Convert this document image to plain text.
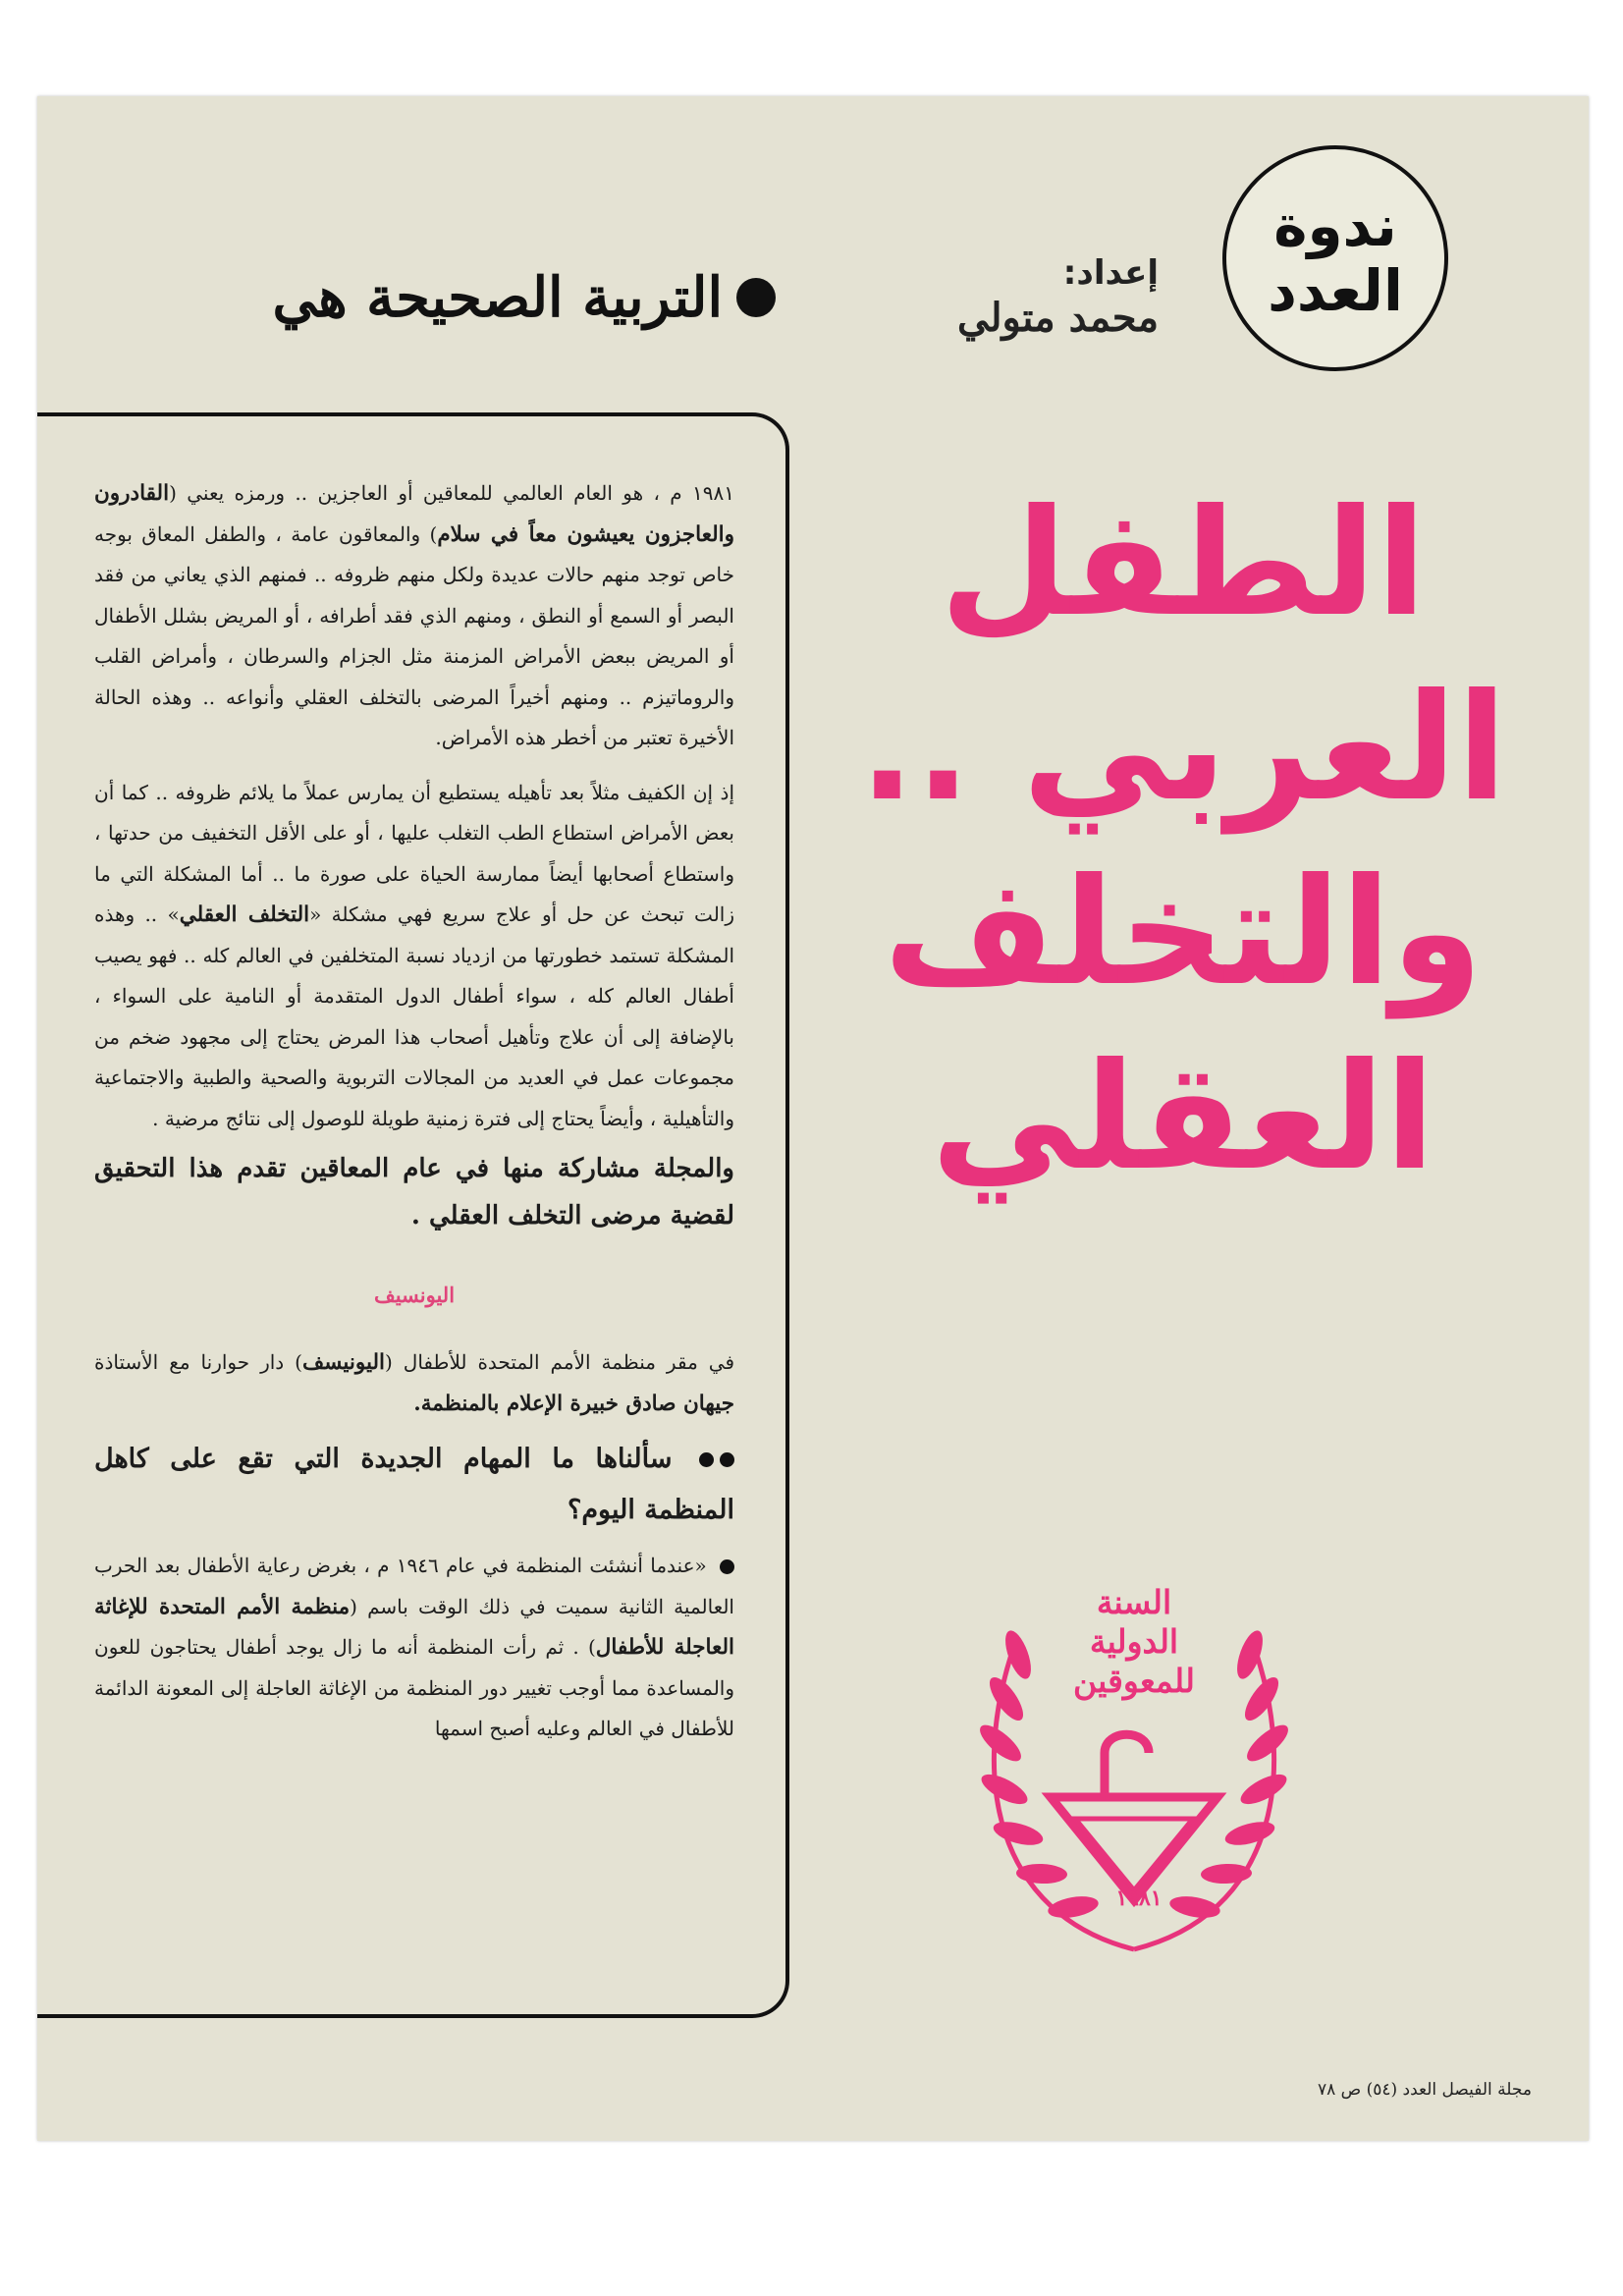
ندوة
العدد
إعداد:
محمد متولي
التربية الصحيحة هي

١٩٨١ م ، هو العام العالمي للمعاقين أو العاجزين .. ورمزه يعني (القادرون والعاجزون يعيشون معاً في سلام) والمعاقون عامة ، والطفل المعاق بوجه خاص توجد منهم حالات عديدة ولكل منهم ظروفه .. فمنهم الذي يعاني من فقد البصر أو السمع أو النطق ، ومنهم الذي فقد أطرافه ، أو المريض بشلل الأطفال أو المريض ببعض الأمراض المزمنة مثل الجزام والسرطان ، وأمراض القلب والروماتيزم .. ومنهم أخيراً المرضى بالتخلف العقلي وأنواعه .. وهذه الحالة الأخيرة تعتبر من أخطر هذه الأمراض.

إذ إن الكفيف مثلاً بعد تأهيله يستطيع أن يمارس عملاً ما يلائم ظروفه .. كما أن بعض الأمراض استطاع الطب التغلب عليها ، أو على الأقل التخفيف من حدتها ، واستطاع أصحابها أيضاً ممارسة الحياة على صورة ما .. أما المشكلة التي ما زالت تبحث عن حل أو علاج سريع فهي مشكلة «التخلف العقلي» .. وهذه المشكلة تستمد خطورتها من ازدياد نسبة المتخلفين في العالم كله .. فهو يصيب أطفال العالم كله ، سواء أطفال الدول المتقدمة أو النامية على السواء ، بالإضافة إلى أن علاج وتأهيل أصحاب هذا المرض يحتاج إلى مجهود ضخم من مجموعات عمل في العديد من المجالات التربوية والصحية والطبية والاجتماعية والتأهيلية ، وأيضاً يحتاج إلى فترة زمنية طويلة للوصول إلى نتائج مرضية .

والمجلة مشاركة منها في عام المعاقين تقدم هذا التحقيق لقضية مرضى التخلف العقلي .
اليونسيف

في مقر منظمة الأمم المتحدة للأطفال (اليونيسف) دار حوارنا مع الأستاذة جيهان صادق خبيرة الإعلام بالمنظمة.

سألناها ما المهام الجديدة التي تقع على كاهل المنظمة اليوم؟

«عندما أنشئت المنظمة في عام ١٩٤٦ م ، بغرض رعاية الأطفال بعد الحرب العالمية الثانية سميت في ذلك الوقت باسم (منظمة الأمم المتحدة للإغاثة العاجلة للأطفال) . ثم رأت المنظمة أنه ما زال يوجد أطفال يحتاجون للعون والمساعدة مما أوجب تغيير دور المنظمة من الإغاثة العاجلة إلى المعونة الدائمة للأطفال في العالم وعليه أصبح اسمها

الطفل
العربي ..
والتخلف
العقلي
السنة
الدولية
للمعوقين
١٩٨١
مجلة الفيصل العدد (٥٤) ص ٧٨
